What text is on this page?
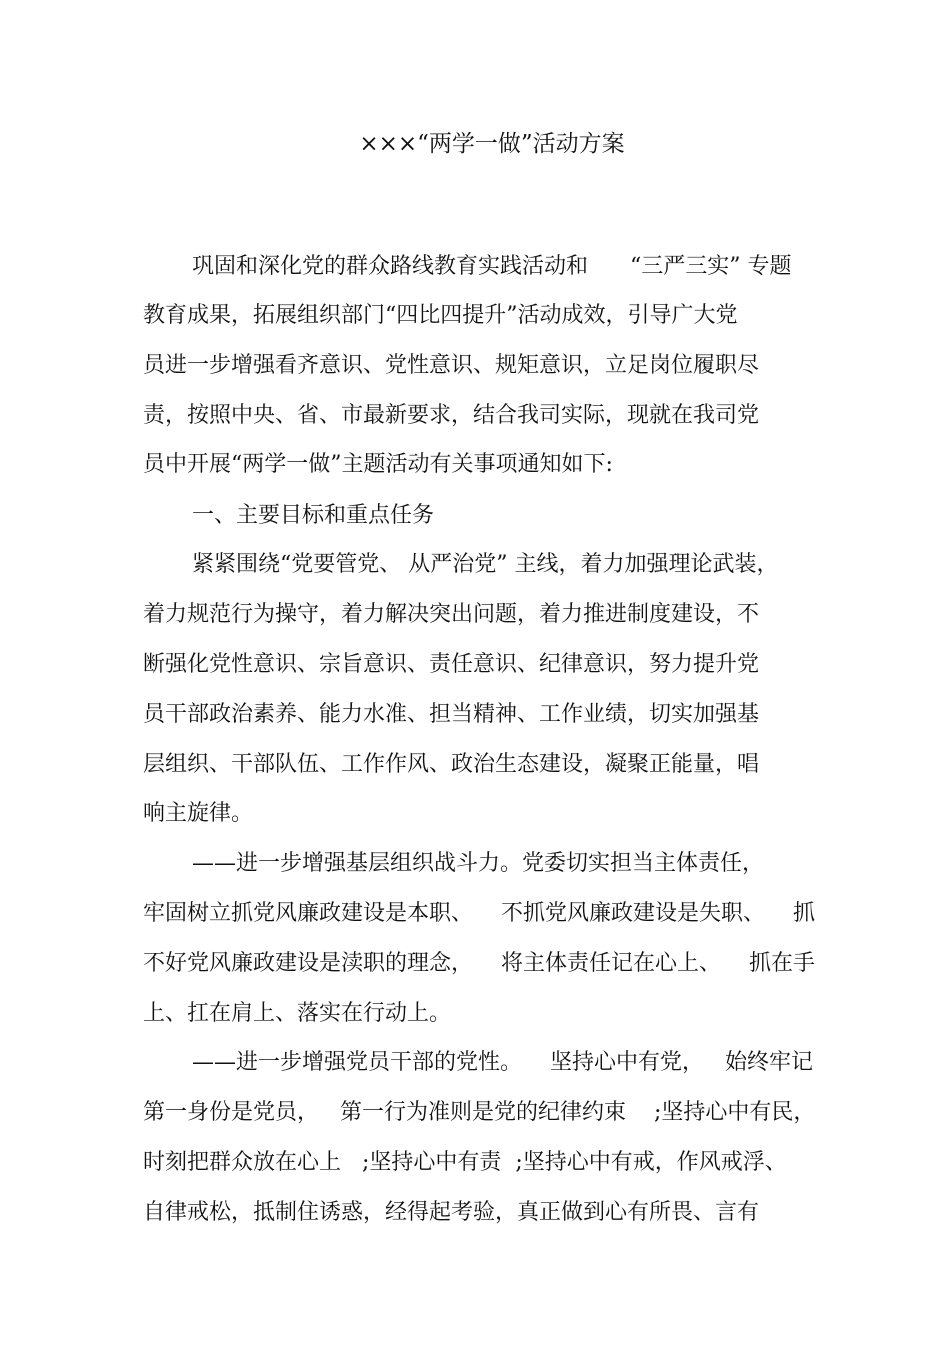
×××“两学一做”活动方案
巩固和深化党的群众路线教育实践活动和      “三严三实” 专题
教育成果，拓展组织部门“四比四提升”活动成效，引导广大党
员进一步增强看齐意识、党性意识、规矩意识，立足岗位履职尽
责，按照中央、省、市最新要求，结合我司实际，现就在我司党
员中开展“两学一做”主题活动有关事项通知如下:
一、主要目标和重点任务
紧紧围绕“党要管党、 从严治党” 主线，着力加强理论武装，
着力规范行为操守，着力解决突出问题，着力推进制度建设，不
断强化党性意识、宗旨意识、责任意识、纪律意识，努力提升党
员干部政治素养、能力水准、担当精神、工作业绩，切实加强基
层组织、干部队伍、工作作风、政治生态建设，凝聚正能量，唱
响主旋律。
——进一步增强基层组织战斗力。党委切实担当主体责任，
牢固树立抓党风廉政建设是本职、    不抓党风廉政建设是失职、    抓
不好党风廉政建设是渎职的理念，    将主体责任记在心上、    抓在手
上、扛在肩上、落实在行动上。
——进一步增强党员干部的党性。    坚持心中有党，   始终牢记
第一身份是党员，   第一行为准则是党的纪律约束    ;坚持心中有民，
时刻把群众放在心上   ;坚持心中有责  ;坚持心中有戒，作风戒浮、
自律戒松，抵制住诱惑，经得起考验，真正做到心有所畏、言有
